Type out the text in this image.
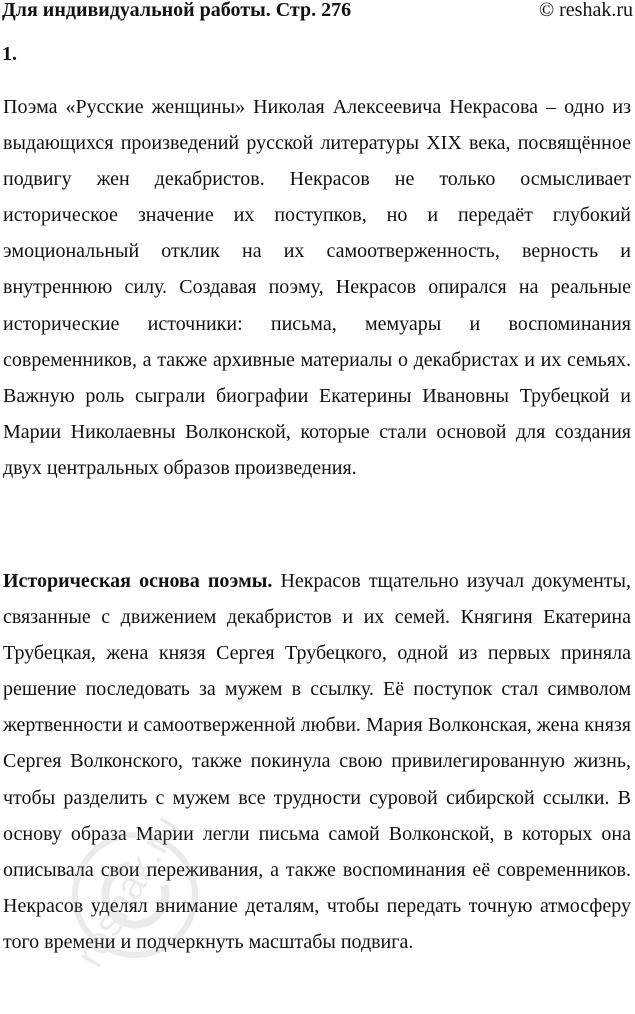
Для индивидуальной работы. Стр. 276	© reshak.ru
1.

Поэма «Русские женщины» Николая Алексеевича Некрасова – одно из выдающихся произведений русской литературы XIX века, посвящённое подвигу жен декабристов. Некрасов не только осмысливает историческое значение их поступков, но и передаёт глубокий эмоциональный отклик на их самоотверженность, верность и внутреннюю силу. Создавая поэму, Некрасов опирался на реальные исторические источники: письма, мемуары и воспоминания современников, а также архивные материалы о декабристах и их семьях. Важную роль сыграли биографии Екатерины Ивановны Трубецкой и Марии Николаевны Волконской, которые стали основой для создания двух центральных образов произведения.

Историческая основа поэмы. Некрасов тщательно изучал документы, связанные с движением декабристов и их семей. Княгиня Екатерина Трубецкая, жена князя Сергея Трубецкого, одной из первых приняла решение последовать за мужем в ссылку. Её поступок стал символом жертвенности и самоотверженной любви. Мария Волконская, жена князя Сергея Волконского, также покинула свою привилегированную жизнь, чтобы разделить с мужем все трудности суровой сибирской ссылки. В основу образа Марии легли письма самой Волконской, в которых она описывала свои переживания, а также воспоминания её современников. Некрасов уделял внимание деталям, чтобы передать точную атмосферу того времени и подчеркнуть масштабы подвига.

reshak.ru
